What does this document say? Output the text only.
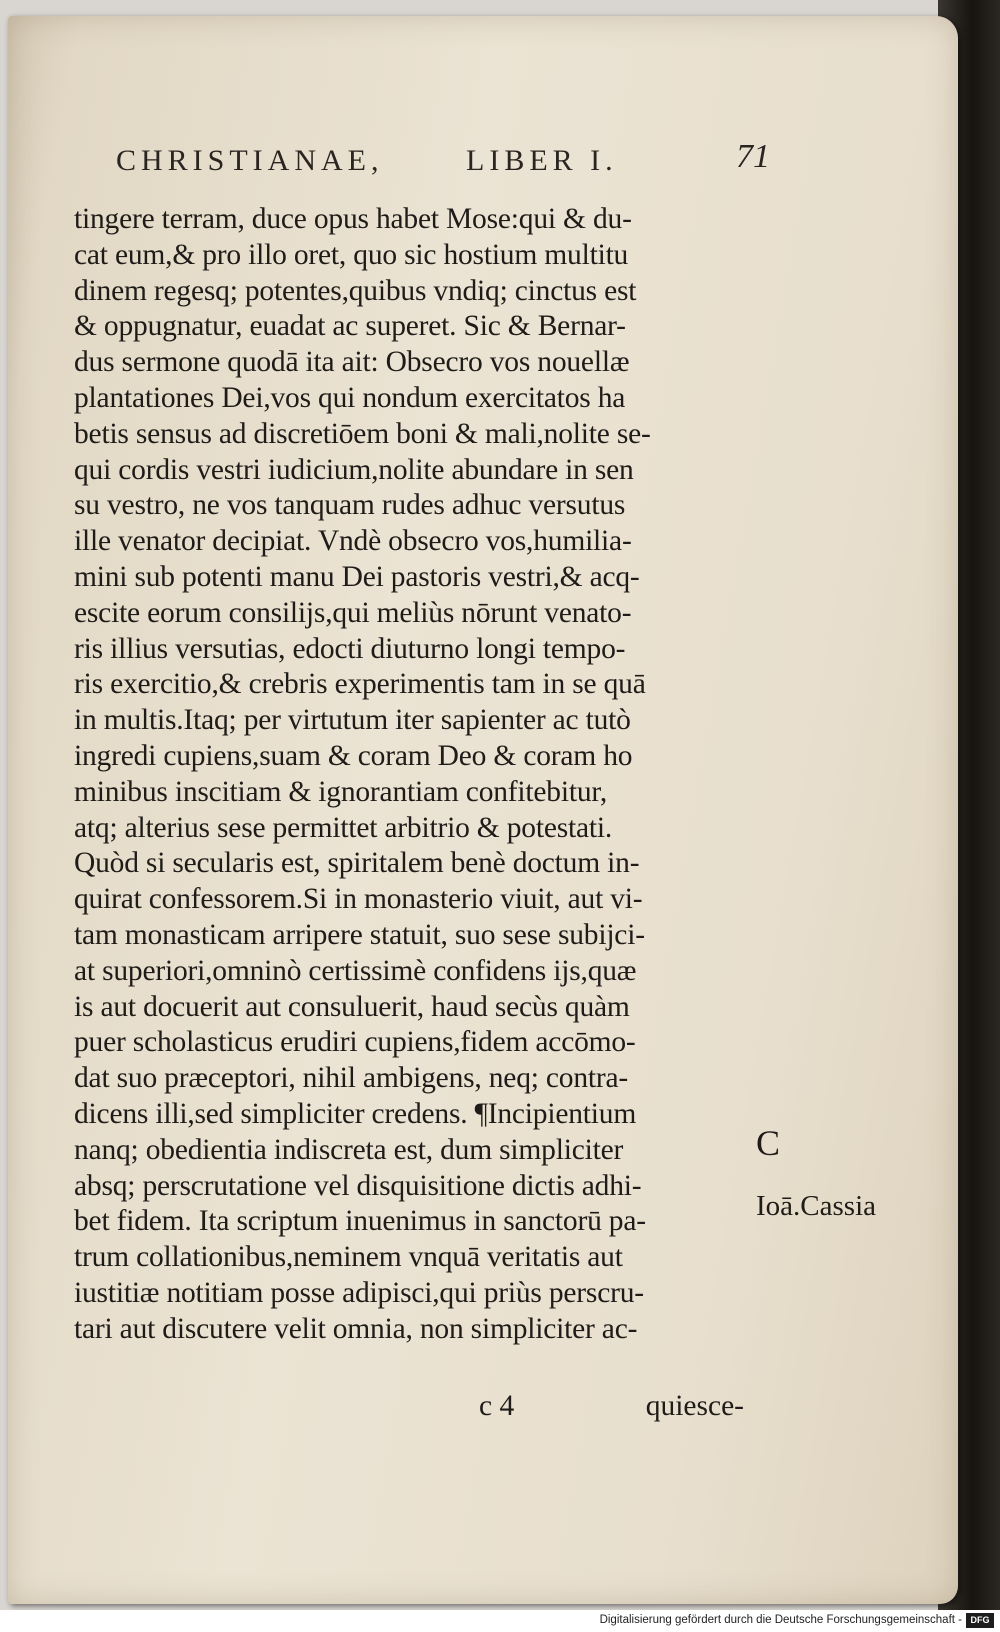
CHRISTIANAE,	LIBER I.	71
tingere terram, duce opus habet Mose:qui & du-
cat eum,& pro illo oret, quo sic hostium multitu
dinem regesq; potentes,quibus vndiq; cinctus est
& oppugnatur, euadat ac superet. Sic & Bernar-
dus sermone quodā ita ait: Obsecro vos nouellæ
plantationes Dei,vos qui nondum exercitatos ha
betis sensus ad discretiōem boni & mali,nolite se-
qui cordis vestri iudicium,nolite abundare in sen
su vestro, ne vos tanquam rudes adhuc versutus
ille venator decipiat. Vndè obsecro vos,humilia-
mini sub potenti manu Dei pastoris vestri,& acq-
escite eorum consilijs,qui meliùs nōrunt venato-
ris illius versutias, edocti diuturno longi tempo-
ris exercitio,& crebris experimentis tam in se quā
in multis.Itaq; per virtutum iter sapienter ac tutò
ingredi cupiens,suam & coram Deo & coram ho
minibus inscitiam & ignorantiam confitebitur,
atq; alterius sese permittet arbitrio & potestati.
Quòd si secularis est, spiritalem benè doctum in-
quirat confessorem.Si in monasterio viuit, aut vi-
tam monasticam arripere statuit, suo sese subijci-
at superiori,omninò certissimè confidens ijs,quæ
is aut docuerit aut consuluerit, haud secùs quàm
puer scholasticus erudiri cupiens,fidem accōmo-
dat suo præceptori, nihil ambigens, neq; contra-
dicens illi,sed simpliciter credens. ¶Incipientium
nanq; obedientia indiscreta est, dum simpliciter
absq; perscrutatione vel disquisitione dictis adhi-
bet fidem. Ita scriptum inuenimus in sanctorū pa-
trum collationibus,neminem vnquā veritatis aut
iustitiæ notitiam posse adipisci,qui priùs perscru-
tari aut discutere velit omnia, non simpliciter ac-
c 4	quiesce-
C
Ioā.Cassia
Digitalisierung gefördert durch die Deutsche Forschungsgemeinschaft - DFG
